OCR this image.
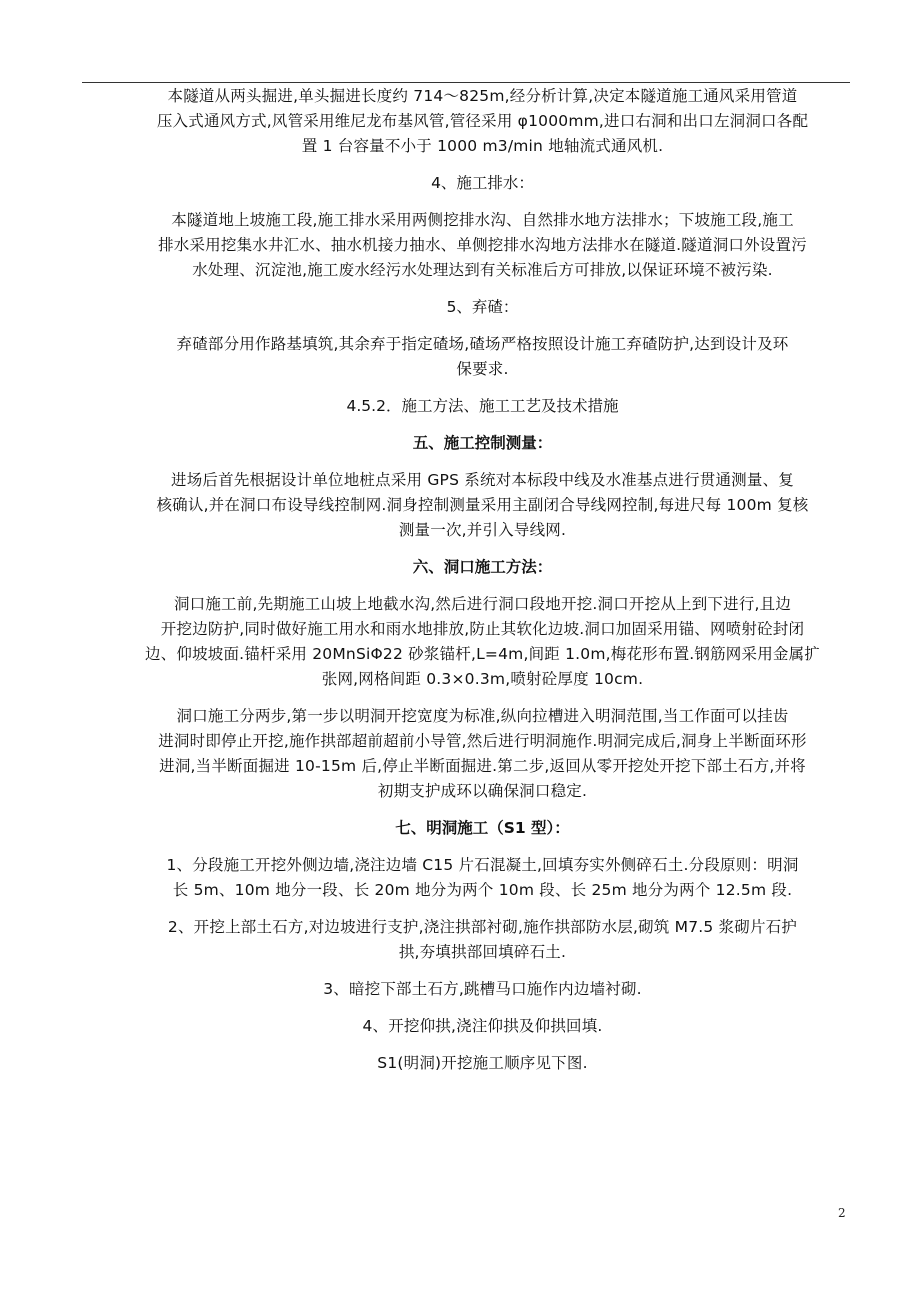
本隧道从两头掘进,单头掘进长度约 714～825m,经分析计算,决定本隧道施工通风采用管道

压入式通风方式,风管采用维尼龙布基风管,管径采用 φ1000mm,进口右洞和出口左洞洞口各配

置 1 台容量不小于 1000 m3/min 地轴流式通风机.

4、施工排水：

本隧道地上坡施工段,施工排水采用两侧挖排水沟、自然排水地方法排水；下坡施工段,施工

排水采用挖集水井汇水、抽水机接力抽水、单侧挖排水沟地方法排水在隧道.隧道洞口外设置污

水处理、沉淀池,施工废水经污水处理达到有关标准后方可排放,以保证环境不被污染.

5、弃碴：

弃碴部分用作路基填筑,其余弃于指定碴场,碴场严格按照设计施工弃碴防护,达到设计及环

保要求.

4.5.2．施工方法、施工工艺及技术措施

五、施工控制测量：

进场后首先根据设计单位地桩点采用 GPS 系统对本标段中线及水准基点进行贯通测量、复

核确认,并在洞口布设导线控制网.洞身控制测量采用主副闭合导线网控制,每进尺每 100m 复核

测量一次,并引入导线网.

六、洞口施工方法：

洞口施工前,先期施工山坡上地截水沟,然后进行洞口段地开挖.洞口开挖从上到下进行,且边

开挖边防护,同时做好施工用水和雨水地排放,防止其软化边坡.洞口加固采用锚、网喷射砼封闭

边、仰坡坡面.锚杆采用 20MnSiΦ22 砂浆锚杆,L=4m,间距 1.0m,梅花形布置.钢筋网采用金属扩

张网,网格间距 0.3×0.3m,喷射砼厚度 10cm.

洞口施工分两步,第一步以明洞开挖宽度为标准,纵向拉槽进入明洞范围,当工作面可以挂齿

进洞时即停止开挖,施作拱部超前超前小导管,然后进行明洞施作.明洞完成后,洞身上半断面环形

进洞,当半断面掘进 10-15m 后,停止半断面掘进.第二步,返回从零开挖处开挖下部土石方,并将

初期支护成环以确保洞口稳定.

七、明洞施工（S1 型）：

1、分段施工开挖外侧边墙,浇注边墙 C15 片石混凝土,回填夯实外侧碎石土.分段原则：明洞

长 5m、10m 地分一段、长 20m 地分为两个 10m 段、长 25m 地分为两个 12.5m 段.

2、开挖上部土石方,对边坡进行支护,浇注拱部衬砌,施作拱部防水层,砌筑 M7.5 浆砌片石护

拱,夯填拱部回填碎石土.

3、暗挖下部土石方,跳槽马口施作内边墙衬砌.

4、开挖仰拱,浇注仰拱及仰拱回填.

S1(明洞)开挖施工顺序见下图.

2
